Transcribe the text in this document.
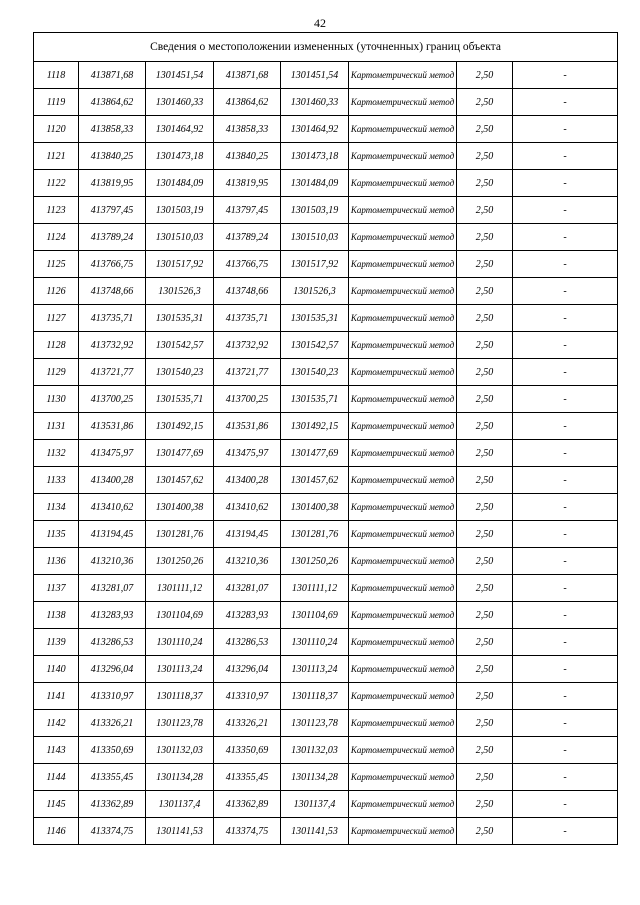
42
Сведения о местоположении измененных (уточненных) границ объекта							
1118	413871,68	1301451,54	413871,68	1301451,54	Картометрический метод	2,50	-
1119	413864,62	1301460,33	413864,62	1301460,33	Картометрический метод	2,50	-
1120	413858,33	1301464,92	413858,33	1301464,92	Картометрический метод	2,50	-
1121	413840,25	1301473,18	413840,25	1301473,18	Картометрический метод	2,50	-
1122	413819,95	1301484,09	413819,95	1301484,09	Картометрический метод	2,50	-
1123	413797,45	1301503,19	413797,45	1301503,19	Картометрический метод	2,50	-
1124	413789,24	1301510,03	413789,24	1301510,03	Картометрический метод	2,50	-
1125	413766,75	1301517,92	413766,75	1301517,92	Картометрический метод	2,50	-
1126	413748,66	1301526,3	413748,66	1301526,3	Картометрический метод	2,50	-
1127	413735,71	1301535,31	413735,71	1301535,31	Картометрический метод	2,50	-
1128	413732,92	1301542,57	413732,92	1301542,57	Картометрический метод	2,50	-
1129	413721,77	1301540,23	413721,77	1301540,23	Картометрический метод	2,50	-
1130	413700,25	1301535,71	413700,25	1301535,71	Картометрический метод	2,50	-
1131	413531,86	1301492,15	413531,86	1301492,15	Картометрический метод	2,50	-
1132	413475,97	1301477,69	413475,97	1301477,69	Картометрический метод	2,50	-
1133	413400,28	1301457,62	413400,28	1301457,62	Картометрический метод	2,50	-
1134	413410,62	1301400,38	413410,62	1301400,38	Картометрический метод	2,50	-
1135	413194,45	1301281,76	413194,45	1301281,76	Картометрический метод	2,50	-
1136	413210,36	1301250,26	413210,36	1301250,26	Картометрический метод	2,50	-
1137	413281,07	1301111,12	413281,07	1301111,12	Картометрический метод	2,50	-
1138	413283,93	1301104,69	413283,93	1301104,69	Картометрический метод	2,50	-
1139	413286,53	1301110,24	413286,53	1301110,24	Картометрический метод	2,50	-
1140	413296,04	1301113,24	413296,04	1301113,24	Картометрический метод	2,50	-
1141	413310,97	1301118,37	413310,97	1301118,37	Картометрический метод	2,50	-
1142	413326,21	1301123,78	413326,21	1301123,78	Картометрический метод	2,50	-
1143	413350,69	1301132,03	413350,69	1301132,03	Картометрический метод	2,50	-
1144	413355,45	1301134,28	413355,45	1301134,28	Картометрический метод	2,50	-
1145	413362,89	1301137,4	413362,89	1301137,4	Картометрический метод	2,50	-
1146	413374,75	1301141,53	413374,75	1301141,53	Картометрический метод	2,50	-
